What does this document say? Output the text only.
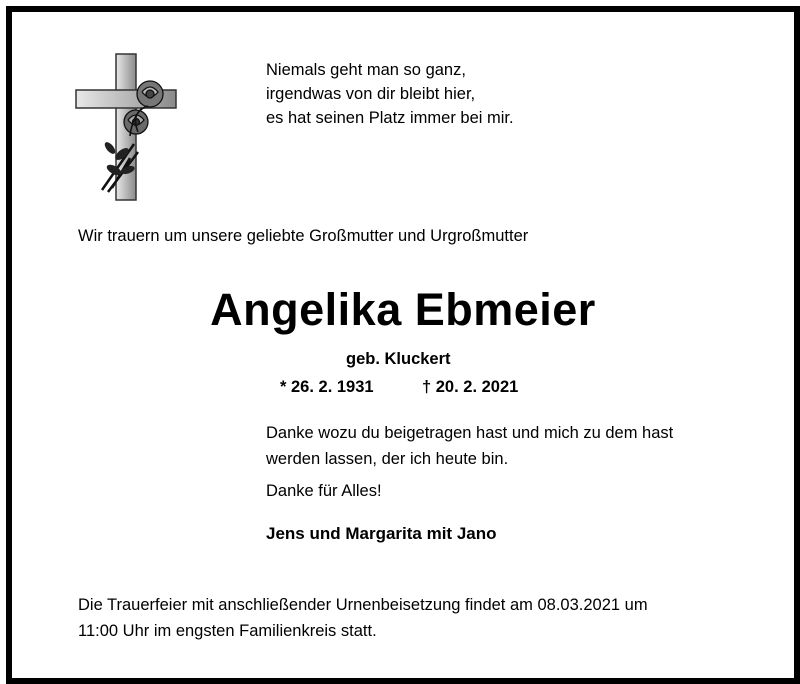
Niemals geht man so ganz,
irgendwas von dir bleibt hier,
es hat seinen Platz immer bei mir.
Wir trauern um unsere geliebte Großmutter und Urgroßmutter
Angelika Ebmeier
geb. Kluckert
* 26. 2. 1931	† 20. 2. 2021
Danke wozu du beigetragen hast und mich zu dem hast
werden lassen, der ich heute bin.
Danke für Alles!
Jens und Margarita mit Jano
Die Trauerfeier mit anschließender Urnenbeisetzung findet am 08.03.2021 um
11:00 Uhr im engsten Familienkreis statt.
